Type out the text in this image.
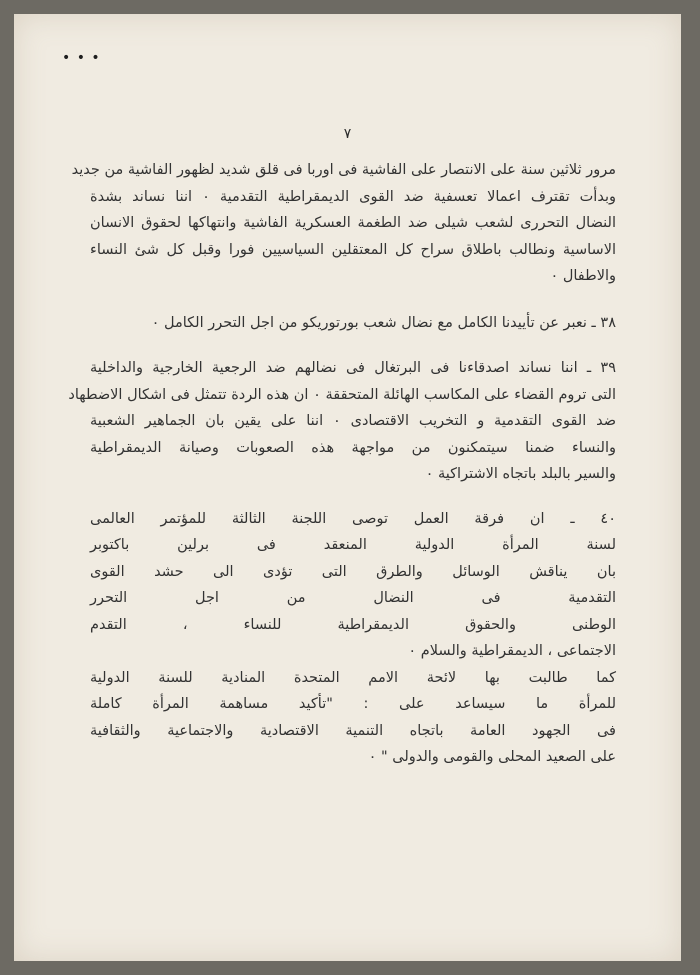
• • •
٧
مرور ثلاثين سنة على الانتصار على الفاشية فى اوربا فى قلق شديد لظهور الفاشية من جديد
وبدأت تقترف اعمالا تعسفية ضد القوى الديمقراطية التقدمية ٠ اننا نساند بشدة
النضال التحررى لشعب شيلى ضد الطغمة العسكرية الفاشية وانتهاكها لحقوق الانسان
الاساسية ونطالب باطلاق سراح كل المعتقلين السياسيين فورا وقبل كل شئ النساء
والاطفال ٠
٣٨ ـ نعبر عن تأييدنا الكامل مع نضال شعب بورتوريكو من اجل التحرر الكامل ٠
٣٩ ـ اننا نساند اصدقاءنا فى البرتغال فى نضالهم ضد الرجعية الخارجية والداخلية
التى تروم القضاء على المكاسب الهائلة المتحققة ٠ ان هذه الردة تتمثل فى اشكال الاضطهاد
ضد القوى التقدمية و التخريب الاقتصادى ٠ اننا على يقين بان الجماهير الشعبية
والنساء ضمنا سيتمكنون من مواجهة هذه الصعوبات وصيانة الديمقراطية
والسير بالبلد باتجاه الاشتراكية ٠
٤٠ ـ ان فرقة العمل توصى اللجنة الثالثة للمؤتمر العالمى
لسنة المرأة الدولية المنعقد فى برلين باكتوبر
بان يناقش الوسائل والطرق التى تؤدى الى حشد القوى
التقدمية فى النضال من اجل التحرر
الوطنى والحقوق الديمقراطية للنساء ، التقدم
الاجتماعى ، الديمقراطية والسلام ٠
كما طالبت بها لائحة الامم المتحدة المنادية للسنة الدولية
للمرأة ما سيساعد على : "تأكيد مساهمة المرأة كاملة
فى الجهود العامة باتجاه التنمية الاقتصادية والاجتماعية والثقافية
على الصعيد المحلى والقومى والدولى " ٠
